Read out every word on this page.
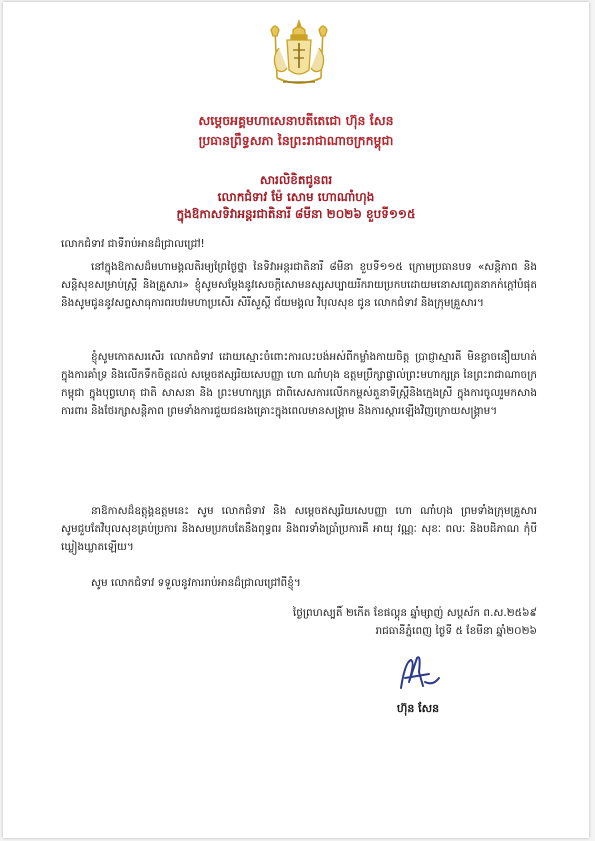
សម្តេចអគ្គមហាសេនាបតីតេជោ ហ៊ុន សែន
ប្រធានព្រឹទ្ធសភា នៃព្រះរាជាណាចក្រកម្ពុជា
សារលិខិតជូនពរ
លោកជំទាវ ម៉ែ សោម ហោណាំហុង
ក្នុងឱកាសទិវាអន្តរជាតិនារី ៨មីនា ២០២៦ ខួបទី១១៥
លោកជំទាវ ជាទីរាប់អានដ៏ជ្រាលជ្រៅ!

នៅក្នុងឱកាសដ៏មហាមង្គលតិរម្យព្រៃថ្ងៃថ្នា នៃទិវាអន្តរជាតិនារី ៨មីនា ខួបទី១១៥ ក្រោមប្រធានបទ «សន្តិភាព និងសន្តិសុខសម្រាប់ស្ត្រី និងគ្រួសារ» ខ្ញុំសូមសម្តែងនូវសេចក្តីសោមនស្សសប្បាយរីករាយប្រកបដោយមនោសញ្ចេតនាកក់ក្តៅបំផុត និងសូមជូននូវសព្ទសាធុការពរបវរមហាប្រសើរ សិរីសួស្តី ជ័យមង្គល វិបុលសុខ ជូន លោកជំទាវ និងក្រុមគ្រួសារ។

ខ្ញុំសូមកោតសរសើរ លោកជំទាវ ដោយស្មោះចំពោះការលះបង់អស់ពីកម្លាំងកាយចិត្ត ប្រាជ្ញាស្មារតី មិនខ្លាចនឿយហត់ក្នុងការគាំទ្រ និងលើកទឹកចិត្តដល់ សម្តេចឥស្សរិយសេបញ្ញា ហោ ណាំហុង ឧត្តមប្រឹក្សាផ្ទាល់ព្រះមហាក្សត្រ នៃព្រះរាជាណាចក្រកម្ពុជា ក្នុងបុព្វហេតុ ជាតិ សាសនា និង ព្រះមហាក្សត្រ ជាពិសេសការលើកកម្ពស់តួនាទីស្ត្រីនិងក្មេងស្រី ក្នុងការចូលរួមកសាង ការពារ និងថែរក្សាសន្តិភាព ព្រមទាំងការជួយជនរងគ្រោះក្នុងពេលមានសង្គ្រាម និងការស្តារឡើងវិញក្រោយសង្គ្រាម។

នាឱកាសដ៏ឧត្តុង្គឧត្តមនេះ សូម លោកជំទាវ និង សម្តេចឥស្សរិយសេបញ្ញា ហោ ណាំហុង ព្រមទាំងក្រុមគ្រួសារ សូមជួបតែវិបុលសុខគ្រប់ប្រការ និងសមប្រកបតែនឹងពុទ្ធពរ និងពរទាំងប្រាំប្រការគឺ អាយុ វណ្ណៈ សុខៈ ពលៈ និងបដិភាណ កុំបីឃ្លៀងឃ្លាតឡើយ។

សូម លោកជំទាវ ទទួលនូវការរាប់អានដ៏ជ្រាលជ្រៅពីខ្ញុំ។

ថ្ងៃព្រហស្បតិ៍ ២កើត ខែផល្គុន ឆ្នាំម្សាញ់ សប្តស័ក ព.ស.២៥៦៩
រាជធានីភ្នំពេញ ថ្ងៃទី ៥ ខែមីនា ឆ្នាំ២០២៦
ហ៊ុន សែន
